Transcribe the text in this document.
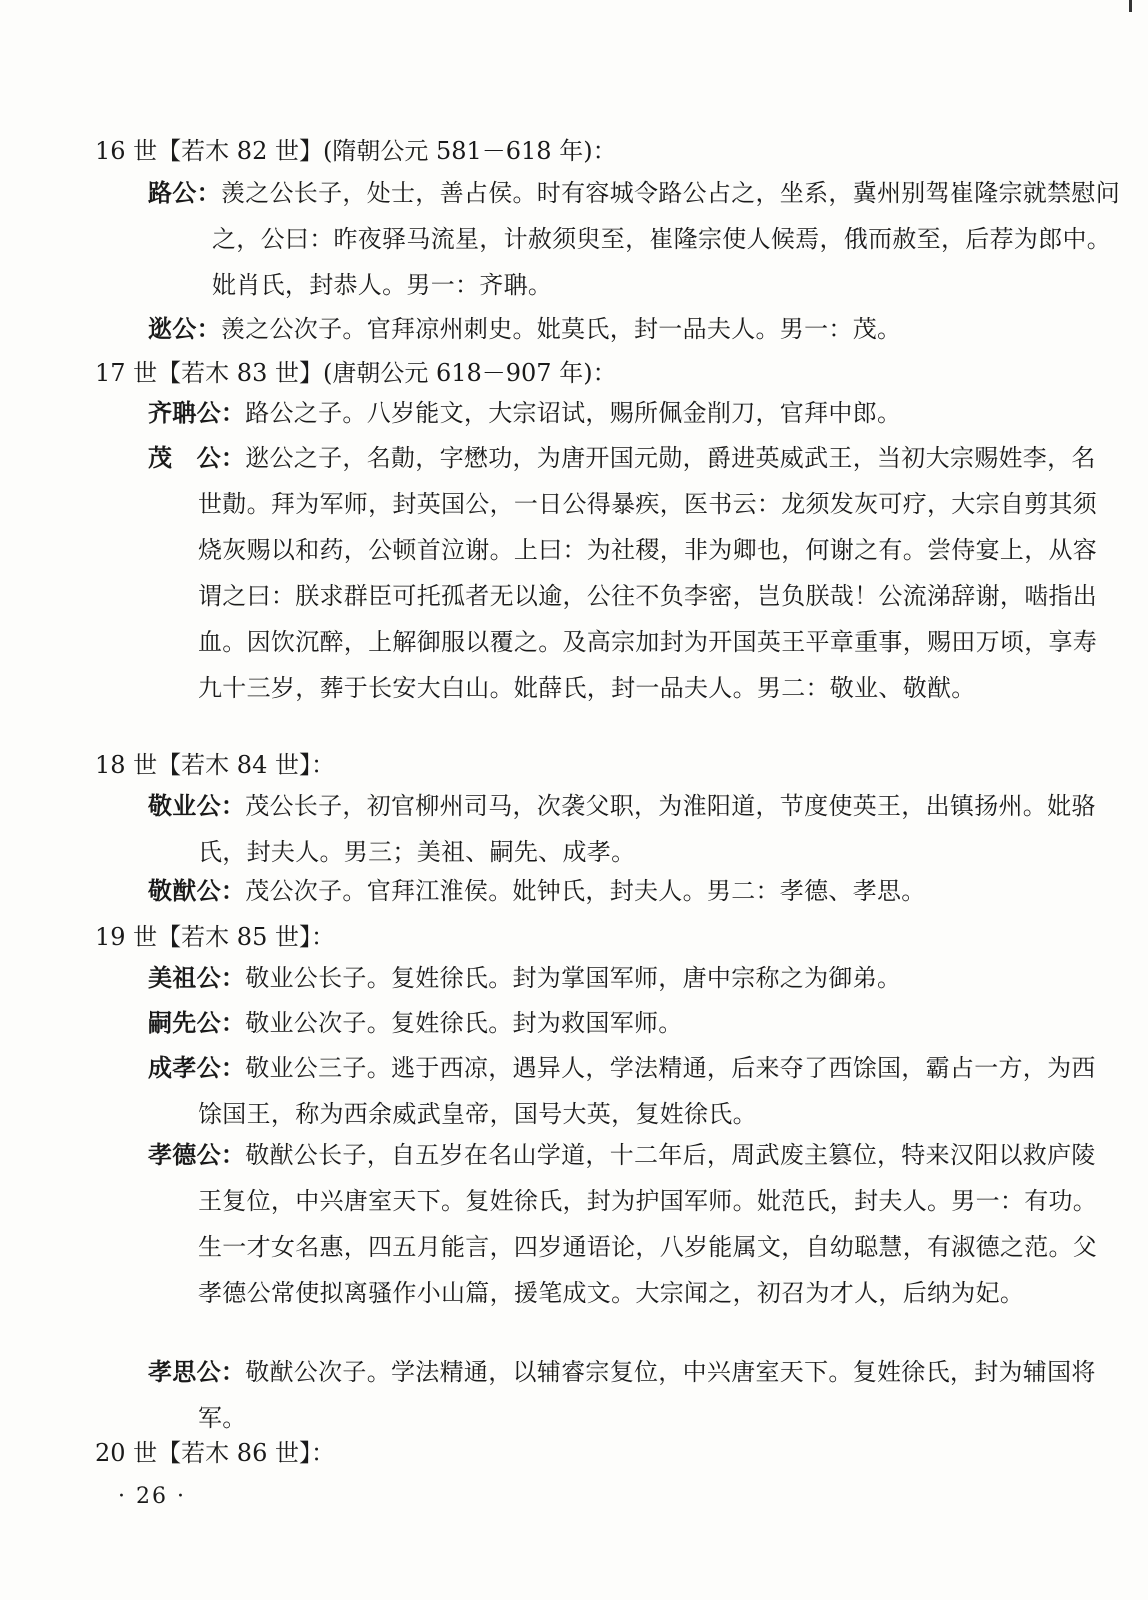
16 世【若木 82 世】(隋朝公元 581－618 年)：
路公：羡之公长子，处士，善占侯。时有容城令路公占之，坐系，冀州别驾崔隆宗就禁慰问之，公曰：昨夜驿马流星，计赦须臾至，崔隆宗使人候焉，俄而赦至，后荐为郎中。妣肖氏，封恭人。男一：齐聃。
逖公：羡之公次子。官拜凉州刺史。妣莫氏，封一品夫人。男一：茂。
17 世【若木 83 世】(唐朝公元 618－907 年)：
齐聃公：路公之子。八岁能文，大宗诏试，赐所佩金削刀，官拜中郎。
茂　公：逖公之子，名勣，字懋功，为唐开国元勋，爵进英威武王，当初大宗赐姓李，名世勣。拜为军师，封英国公，一日公得暴疾，医书云：龙须发灰可疗，大宗自剪其须烧灰赐以和药，公顿首泣谢。上曰：为社稷，非为卿也，何谢之有。尝侍宴上，从容谓之曰：朕求群臣可托孤者无以逾，公往不负李密，岂负朕哉！公流涕辞谢，啮指出血。因饮沉醉，上解御服以覆之。及高宗加封为开国英王平章重事，赐田万顷，享寿九十三岁，葬于长安大白山。妣薛氏，封一品夫人。男二：敬业、敬猷。
18 世【若木 84 世】：
敬业公：茂公长子，初官柳州司马，次袭父职，为淮阳道，节度使英王，出镇扬州。妣骆氏，封夫人。男三；美祖、嗣先、成孝。
敬猷公：茂公次子。官拜江淮侯。妣钟氏，封夫人。男二：孝德、孝思。
19 世【若木 85 世】：
美祖公：敬业公长子。复姓徐氏。封为掌国军师，唐中宗称之为御弟。
嗣先公：敬业公次子。复姓徐氏。封为救国军师。
成孝公：敬业公三子。逃于西凉，遇异人，学法精通，后来夺了西馀国，霸占一方，为西馀国王，称为西余威武皇帝，国号大英，复姓徐氏。
孝德公：敬猷公长子，自五岁在名山学道，十二年后，周武废主篡位，特来汉阳以救庐陵王复位，中兴唐室天下。复姓徐氏，封为护国军师。妣范氏，封夫人。男一：有功。生一才女名惠，四五月能言，四岁通语论，八岁能属文，自幼聪慧，有淑德之范。父孝德公常使拟离骚作小山篇，援笔成文。大宗闻之，初召为才人，后纳为妃。
孝思公：敬猷公次子。学法精通，以辅睿宗复位，中兴唐室天下。复姓徐氏，封为辅国将军。
20 世【若木 86 世】：
· 26 ·
